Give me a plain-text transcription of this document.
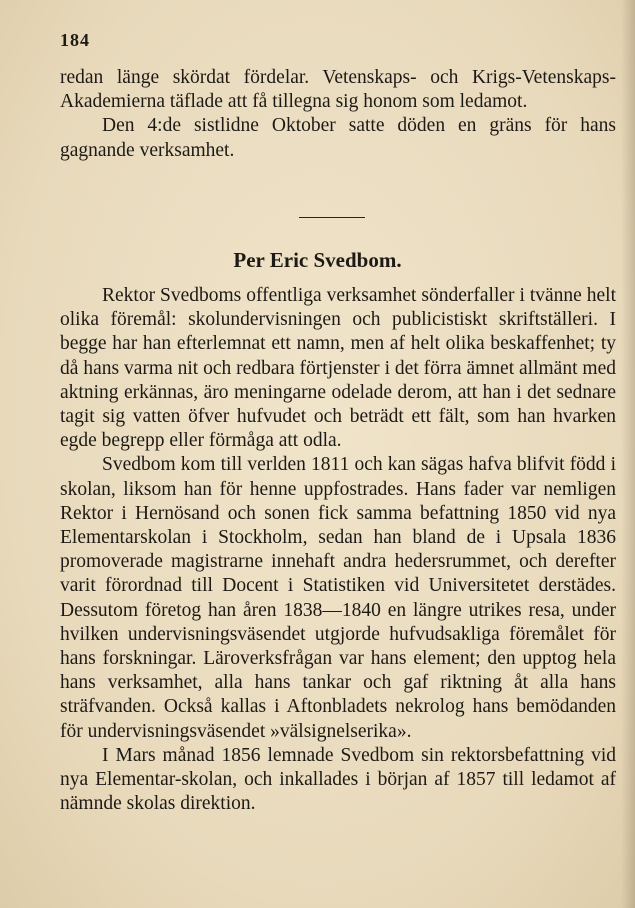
184

redan länge skördat fördelar. Vetenskaps- och Krigs-Vetenskaps-Akademierna täflade att få tillegna sig honom som ledamot.

Den 4:de sistlidne Oktober satte döden en gräns för hans gagnande verksamhet.

Per Eric Svedbom.

Rektor Svedboms offentliga verksamhet sönderfaller i tvänne helt olika föremål: skolundervisningen och publicistiskt skriftställeri. I begge har han efterlemnat ett namn, men af helt olika beskaffenhet; ty då hans varma nit och redbara förtjenster i det förra ämnet allmänt med aktning erkännas, äro meningarne odelade derom, att han i det sednare tagit sig vatten öfver hufvudet och beträdt ett fält, som han hvarken egde begrepp eller förmåga att odla.

Svedbom kom till verlden 1811 och kan sägas hafva blifvit född i skolan, liksom han för henne uppfostrades. Hans fader var nemligen Rektor i Hernösand och sonen fick samma befattning 1850 vid nya Elementarskolan i Stockholm, sedan han bland de i Upsala 1836 promoverade magistrarne innehaft andra hedersrummet, och derefter varit förordnad till Docent i Statistiken vid Universitetet derstädes. Dessutom företog han åren 1838—1840 en längre utrikes resa, under hvilken undervisningsväsendet utgjorde hufvudsakliga föremålet för hans forskningar. Läroverksfrågan var hans element; den upptog hela hans verksamhet, alla hans tankar och gaf riktning åt alla hans sträfvanden. Också kallas i Aftonbladets nekrolog hans bemödanden för undervisningsväsendet »välsignelserika».

I Mars månad 1856 lemnade Svedbom sin rektorsbefattning vid nya Elementar-skolan, och inkallades i början af 1857 till ledamot af nämnde skolas direktion.
